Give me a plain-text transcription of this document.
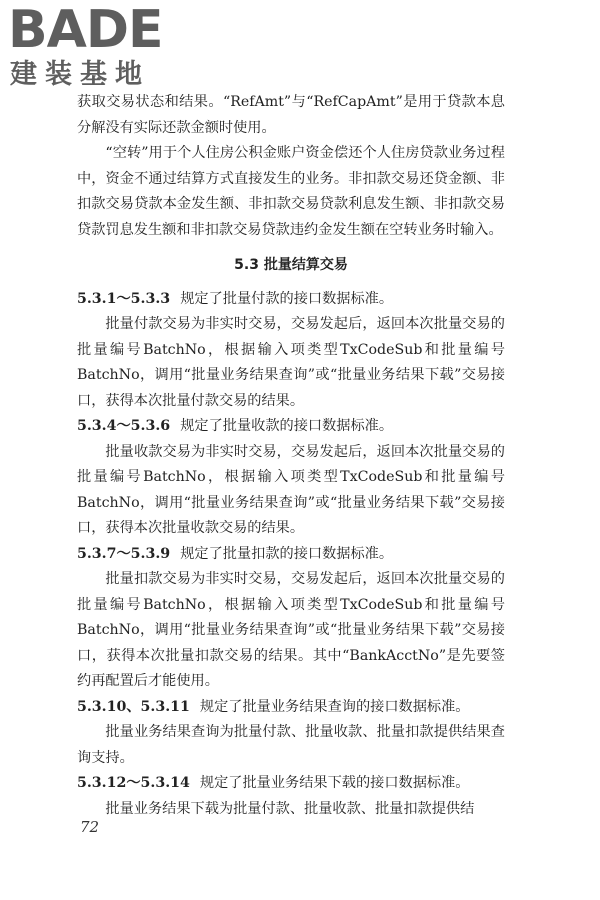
BADE
建装基地

获取交易状态和结果。“RefAmt”与“RefCapAmt”是用于贷款本息分解没有实际还款金额时使用。

“空转”用于个人住房公积金账户资金偿还个人住房贷款业务过程中，资金不通过结算方式直接发生的业务。非扣款交易还贷金额、非扣款交易贷款本金发生额、非扣款交易贷款利息发生额、非扣款交易贷款罚息发生额和非扣款交易贷款违约金发生额在空转业务时输入。

5.3 批量结算交易

5.3.1～5.3.3 规定了批量付款的接口数据标准。

批量付款交易为非实时交易，交易发起后，返回本次批量交易的批量编号BatchNo，根据输入项类型TxCodeSub和批量编号BatchNo，调用“批量业务结果查询”或“批量业务结果下载”交易接口，获得本次批量付款交易的结果。

5.3.4～5.3.6 规定了批量收款的接口数据标准。

批量收款交易为非实时交易，交易发起后，返回本次批量交易的批量编号BatchNo，根据输入项类型TxCodeSub和批量编号BatchNo，调用“批量业务结果查询”或“批量业务结果下载”交易接口，获得本次批量收款交易的结果。

5.3.7～5.3.9 规定了批量扣款的接口数据标准。

批量扣款交易为非实时交易，交易发起后，返回本次批量交易的批量编号BatchNo，根据输入项类型TxCodeSub和批量编号BatchNo，调用“批量业务结果查询”或“批量业务结果下载”交易接口，获得本次批量扣款交易的结果。其中“BankAcctNo”是先要签约再配置后才能使用。

5.3.10、5.3.11 规定了批量业务结果查询的接口数据标准。

批量业务结果查询为批量付款、批量收款、批量扣款提供结果查询支持。

5.3.12～5.3.14 规定了批量业务结果下载的接口数据标准。

批量业务结果下载为批量付款、批量收款、批量扣款提供结

72
